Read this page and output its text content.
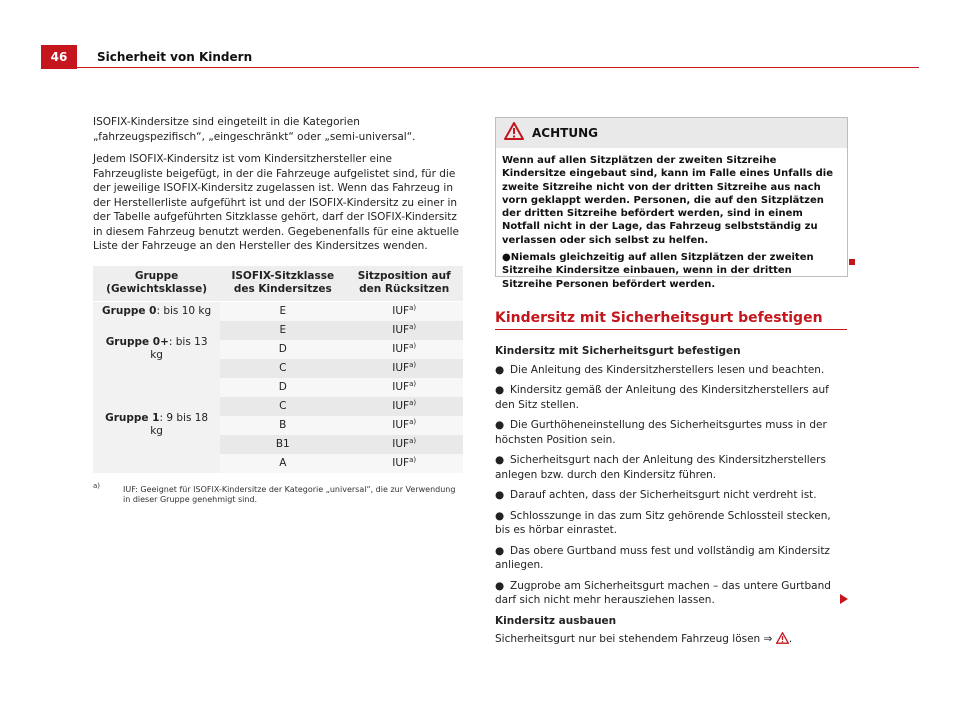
46	Sicherheit von Kindern

ISOFIX-Kindersitze sind eingeteilt in die Kategorien „fahrzeugspezifisch“, „eingeschränkt“ oder „semi-universal“.

Jedem ISOFIX-Kindersitz ist vom Kindersitzhersteller eine Fahrzeugliste beigefügt, in der die Fahrzeuge aufgelistet sind, für die der jeweilige ISOFIX-Kindersitz zugelassen ist. Wenn das Fahrzeug in der Herstellerliste aufgeführt ist und der ISOFIX-Kindersitz zu einer in der Tabelle aufgeführten Sitzklasse gehört, darf der ISOFIX-Kindersitz in diesem Fahrzeug benutzt werden. Gegebenenfalls für eine aktuelle Liste der Fahrzeuge an den Hersteller des Kindersitzes wenden.

Gruppe (Gewichtsklasse)	ISOFIX-Sitzklasse des Kindersitzes	Sitzposition auf den Rücksitzen
Gruppe 0: bis 10 kg	E	IUF$^{a)}$
Gruppe 0+: bis 13 kg	E	IUF$^{a)}$
	D	IUF$^{a)}$
	C	IUF$^{a)}$
Gruppe 1: 9 bis 18 kg	D	IUF$^{a)}$
	C	IUF$^{a)}$
	B	IUF$^{a)}$
	B1	IUF$^{a)}$
	A	IUF$^{a)}$
$^{a)}$	IUF: Geeignet für ISOFIX-Kindersitze der Kategorie „universal“, die zur Verwendung in dieser Gruppe genehmigt sind.
ACHTUNG

Wenn auf allen Sitzplätzen der zweiten Sitzreihe Kindersitze eingebaut sind, kann im Falle eines Unfalls die zweite Sitzreihe nicht von der dritten Sitzreihe aus nach vorn geklappt werden. Personen, die auf den Sitzplätzen der dritten Sitzreihe befördert werden, sind in einem Notfall nicht in der Lage, das Fahrzeug selbstständig zu verlassen oder sich selbst zu helfen.

●Niemals gleichzeitig auf allen Sitzplätzen der zweiten Sitzreihe Kindersitze einbauen, wenn in der dritten Sitzreihe Personen befördert werden.

Kindersitz mit Sicherheitsgurt befestigen

Kindersitz mit Sicherheitsgurt befestigen

● Die Anleitung des Kindersitzherstellers lesen und beachten.

● Kindersitz gemäß der Anleitung des Kindersitzherstellers auf den Sitz stellen.

● Die Gurthöheneinstellung des Sicherheitsgurtes muss in der höchsten Position sein.

● Sicherheitsgurt nach der Anleitung des Kindersitzherstellers anlegen bzw. durch den Kindersitz führen.

● Darauf achten, dass der Sicherheitsgurt nicht verdreht ist.

● Schlosszunge in das zum Sitz gehörende Schlossteil stecken, bis es hörbar einrastet.

● Das obere Gurtband muss fest und vollständig am Kindersitz anliegen.

● Zugprobe am Sicherheitsgurt machen – das untere Gurtband darf sich nicht mehr herausziehen lassen.

Kindersitz ausbauen

Sicherheitsgurt nur bei stehendem Fahrzeug lösen ⇒ .
